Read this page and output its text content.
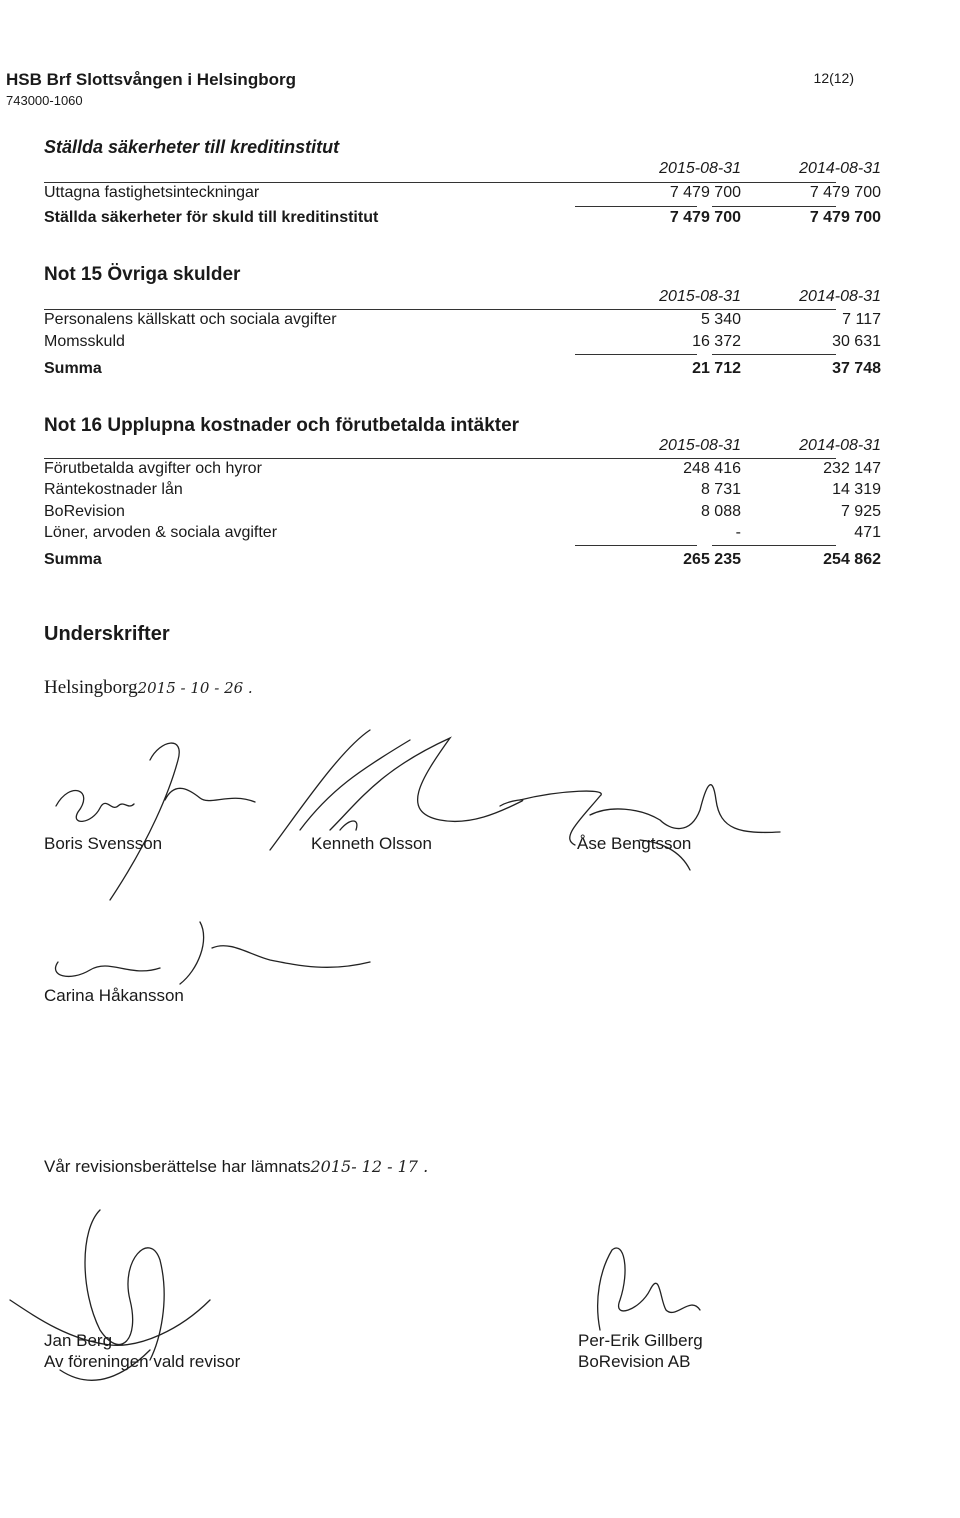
HSB Brf Slottsvången i Helsingborg
743000-1060
12(12)
Ställda säkerheter till kreditinstitut
2015-08-31	2014-08-31
Uttagna fastighetsinteckningar	7 479 700	7 479 700
Ställda säkerheter för skuld till kreditinstitut	7 479 700	7 479 700
Not 15 Övriga skulder
2015-08-31	2014-08-31
Personalens källskatt och sociala avgifter	5 340	7 117
Momsskuld	16 372	30 631
Summa	21 712	37 748
Not 16 Upplupna kostnader och förutbetalda intäkter
2015-08-31	2014-08-31
Förutbetalda avgifter och hyror	248 416	232 147
Räntekostnader lån	8 731	14 319
BoRevision	8 088	7 925
Löner, arvoden & sociala avgifter	-	471
Summa	265 235	254 862
Underskrifter
Helsingborg2015 - 10 - 26 .
Boris Svensson	Kenneth Olsson	Åse Bengtsson
Carina Håkansson
Vår revisionsberättelse har lämnats2015- 12 - 17 .
Jan Berg
Av föreningen vald revisor
Per-Erik Gillberg
BoRevision AB
